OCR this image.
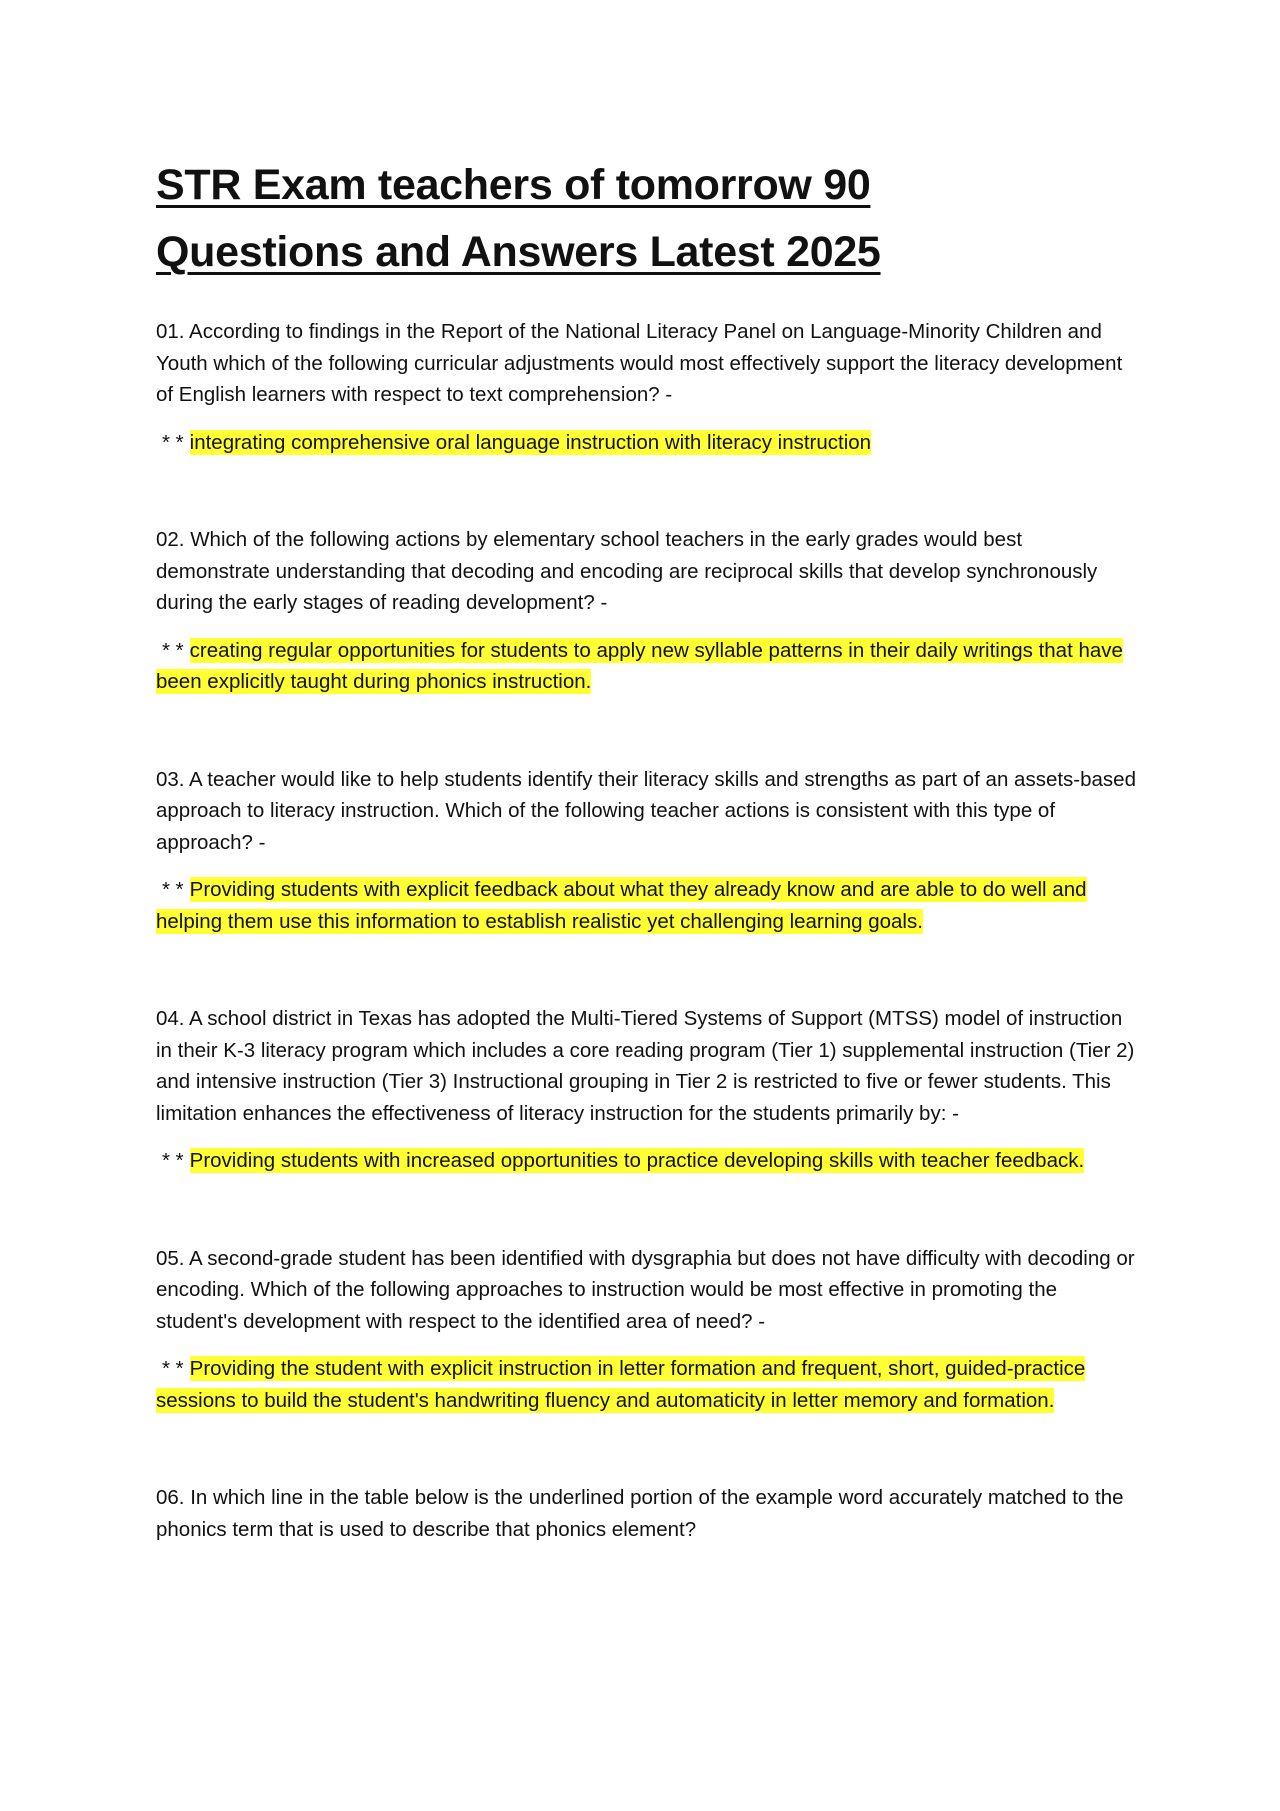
STR Exam teachers of tomorrow 90 Questions and Answers Latest 2025

01. According to findings in the Report of the National Literacy Panel on Language-Minority Children and Youth which of the following curricular adjustments would most effectively support the literacy development of English learners with respect to text comprehension? -

* * integrating comprehensive oral language instruction with literacy instruction

02. Which of the following actions by elementary school teachers in the early grades would best demonstrate understanding that decoding and encoding are reciprocal skills that develop synchronously during the early stages of reading development? -

* * creating regular opportunities for students to apply new syllable patterns in their daily writings that have been explicitly taught during phonics instruction.

03. A teacher would like to help students identify their literacy skills and strengths as part of an assets-based approach to literacy instruction. Which of the following teacher actions is consistent with this type of approach? -

* * Providing students with explicit feedback about what they already know and are able to do well and helping them use this information to establish realistic yet challenging learning goals.

04. A school district in Texas has adopted the Multi-Tiered Systems of Support (MTSS) model of instruction in their K-3 literacy program which includes a core reading program (Tier 1) supplemental instruction (Tier 2) and intensive instruction (Tier 3) Instructional grouping in Tier 2 is restricted to five or fewer students. This limitation enhances the effectiveness of literacy instruction for the students primarily by: -

* * Providing students with increased opportunities to practice developing skills with teacher feedback.

05. A second-grade student has been identified with dysgraphia but does not have difficulty with decoding or encoding. Which of the following approaches to instruction would be most effective in promoting the student's development with respect to the identified area of need? -

* * Providing the student with explicit instruction in letter formation and frequent, short, guided-practice sessions to build the student's handwriting fluency and automaticity in letter memory and formation.

06. In which line in the table below is the underlined portion of the example word accurately matched to the phonics term that is used to describe that phonics element?
